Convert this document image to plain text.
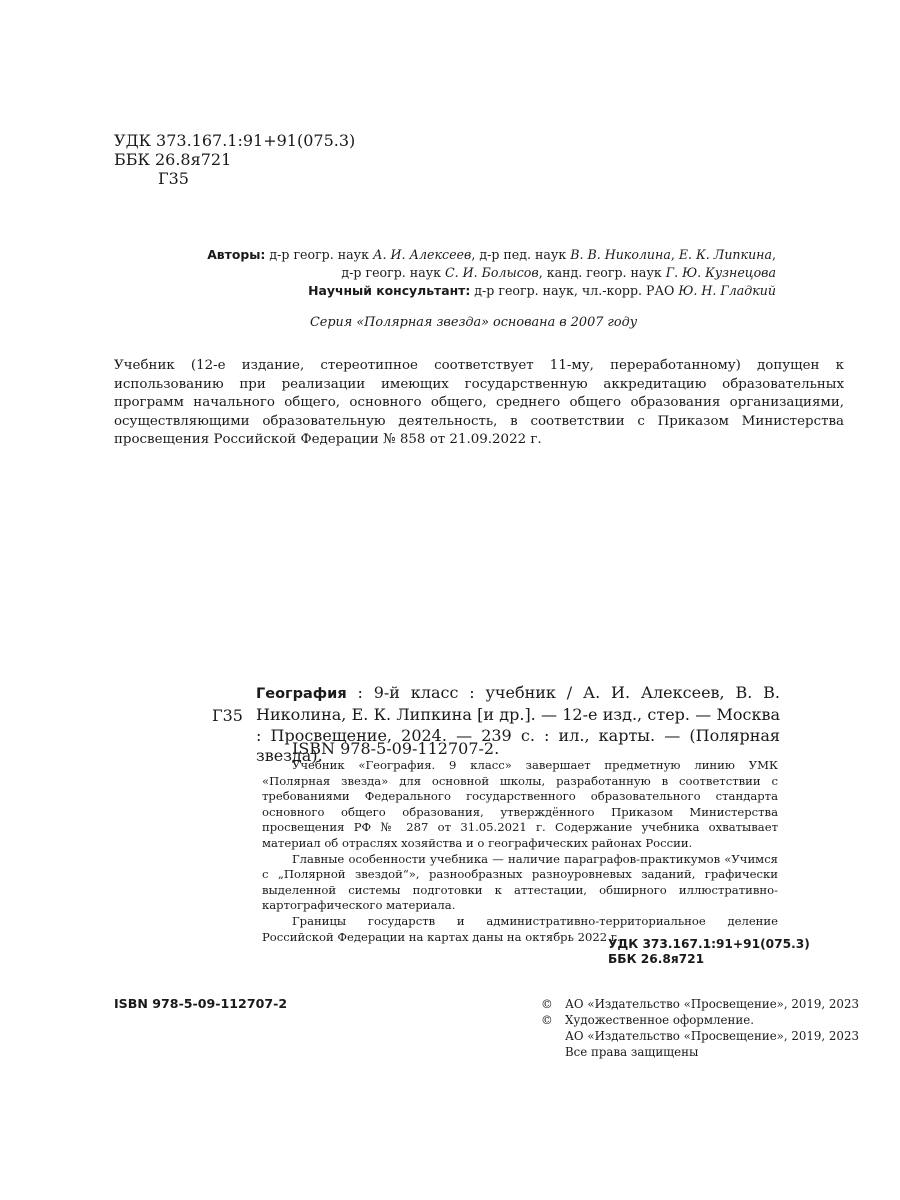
УДК 373.167.1:91+91(075.3)
ББК 26.8я721
Г35
Авторы: д-р геогр. наук А. И. Алексеев, д-р пед. наук В. В. Николина, Е. К. Липкина,
д-р геогр. наук С. И. Болысов, канд. геогр. наук Г. Ю. Кузнецова
Научный консультант: д-р геогр. наук, чл.-корр. РАО Ю. Н. Гладкий
Серия «Полярная звезда» основана в 2007 году
Учебник (12-е издание, стереотипное соответствует 11-му, переработанному) допущен к использованию при реализации имеющих государственную аккредитацию образовательных программ начального общего, основного общего, среднего общего образования организациями, осуществляющими образовательную деятельность, в соответствии с Приказом Министерства просвещения Российской Федерации № 858 от 21.09.2022 г.
Г35
География : 9-й класс : учебник / А. И. Алексеев, В. В. Николина, Е. К. Липкина [и др.]. — 12-е изд., стер. — Москва : Просвещение, 2024. — 239 с. : ил., карты. — (Полярная звезда).
ISBN 978-5-09-112707-2.

Учебник «География. 9 класс» завершает предметную линию УМК «Полярная звезда» для основной школы, разработанную в соответствии с требованиями Федерального государственного образовательного стандарта основного общего образования, утверждённого Приказом Министерства просвещения РФ № 287 от 31.05.2021 г. Содержание учебника охватывает материал об отраслях хозяйства и о географических районах России.

Главные особенности учебника — наличие параграфов-практикумов «Учимся с „Полярной звездой“», разнообразных разноуровневых заданий, графически выделенной системы подготовки к аттестации, обширного иллюстративно-картографического материала.

Границы государств и административно-территориальное деление Российской Федерации на картах даны на октябрь 2022 г.

УДК 373.167.1:91+91(075.3)
ББК 26.8я721
ISBN 978-5-09-112707-2	©	АО «Издательство «Просвещение», 2019, 2023
©	Художественное оформление.
АО «Издательство «Просвещение», 2019, 2023
Все права защищены
